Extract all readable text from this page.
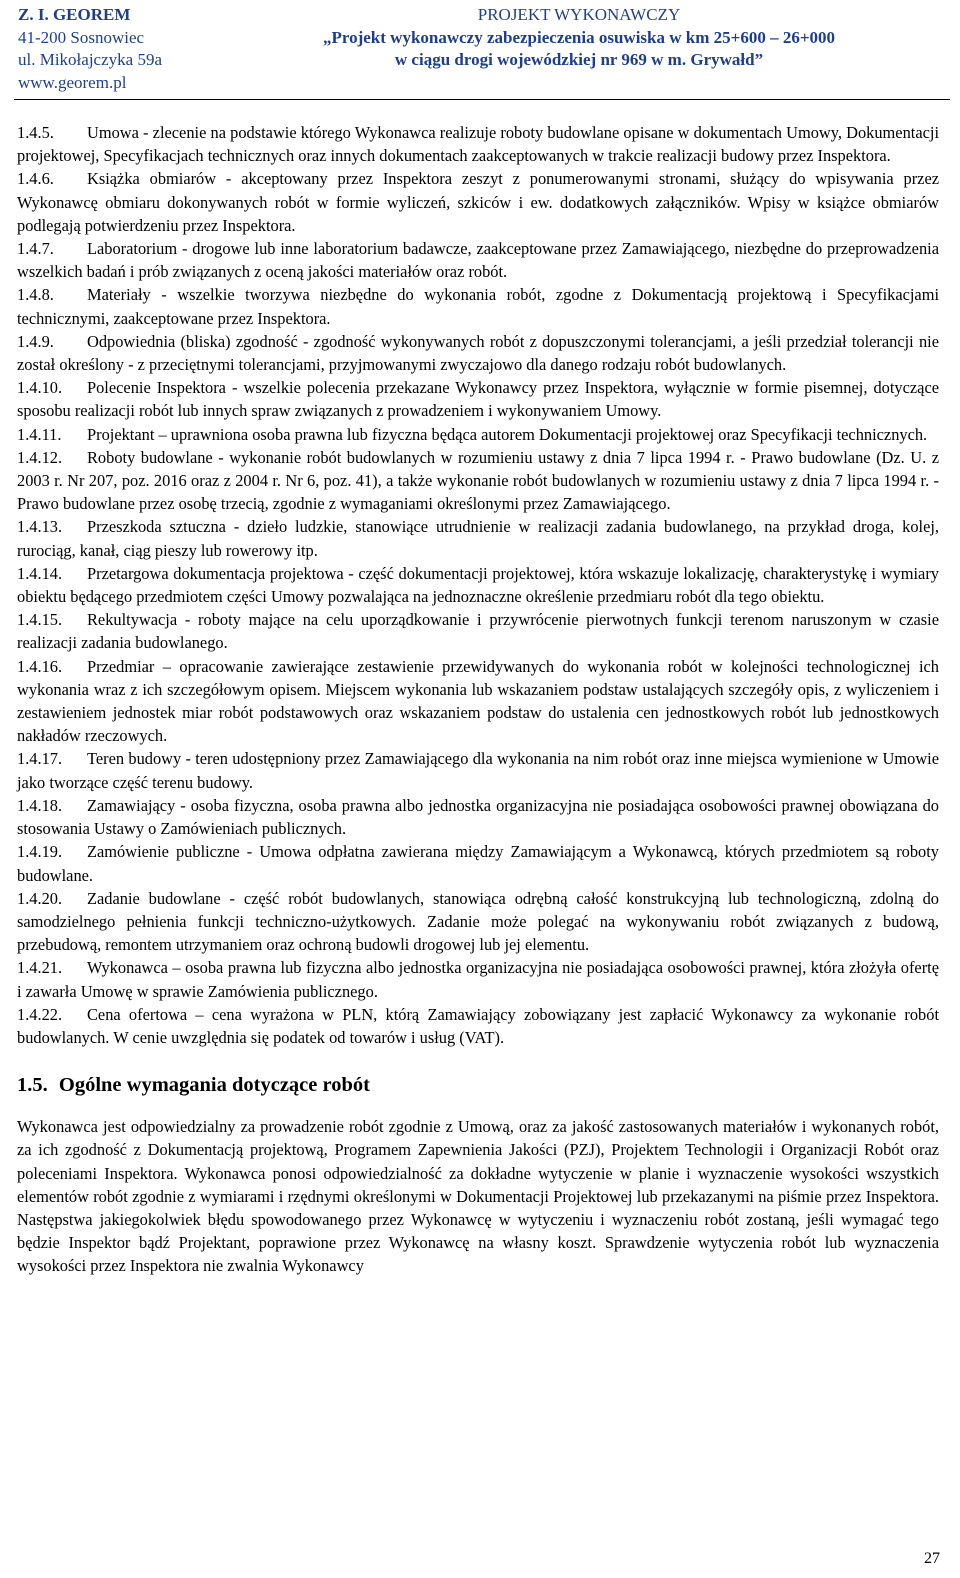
Z. I. GEOREM
41-200 Sosnowiec
ul. Mikołajczyka 59a
www.georem.pl
PROJEKT WYKONAWCZY
„Projekt wykonawczy zabezpieczenia osuwiska w km 25+600 – 26+000
w ciągu drogi wojewódzkiej nr 969 w m. Grywałd”

1.4.5. Umowa - zlecenie na podstawie którego Wykonawca realizuje roboty budowlane opisane w dokumentach Umowy, Dokumentacji projektowej, Specyfikacjach technicznych oraz innych dokumentach zaakceptowanych w trakcie realizacji budowy przez Inspektora.

1.4.6. Książka obmiarów - akceptowany przez Inspektora zeszyt z ponumerowanymi stronami, służący do wpisywania przez Wykonawcę obmiaru dokonywanych robót w formie wyliczeń, szkiców i ew. dodatkowych załączników. Wpisy w książce obmiarów podlegają potwierdzeniu przez Inspektora.

1.4.7. Laboratorium - drogowe lub inne laboratorium badawcze, zaakceptowane przez Zamawiającego, niezbędne do przeprowadzenia wszelkich badań i prób związanych z oceną jakości materiałów oraz robót.

1.4.8. Materiały - wszelkie tworzywa niezbędne do wykonania robót, zgodne z Dokumentacją projektową i Specyfikacjami technicznymi, zaakceptowane przez Inspektora.

1.4.9. Odpowiednia (bliska) zgodność - zgodność wykonywanych robót z dopuszczonymi tolerancjami, a jeśli przedział tolerancji nie został określony - z przeciętnymi tolerancjami, przyjmowanymi zwyczajowo dla danego rodzaju robót budowlanych.

1.4.10. Polecenie Inspektora - wszelkie polecenia przekazane Wykonawcy przez Inspektora, wyłącznie w formie pisemnej, dotyczące sposobu realizacji robót lub innych spraw związanych z prowadzeniem i wykonywaniem Umowy.

1.4.11. Projektant – uprawniona osoba prawna lub fizyczna będąca autorem Dokumentacji projektowej oraz Specyfikacji technicznych.

1.4.12. Roboty budowlane - wykonanie robót budowlanych w rozumieniu ustawy z dnia 7 lipca 1994 r. - Prawo budowlane (Dz. U. z 2003 r. Nr 207, poz. 2016 oraz z 2004 r. Nr 6, poz. 41), a także wykonanie robót budowlanych w rozumieniu ustawy z dnia 7 lipca 1994 r. - Prawo budowlane przez osobę trzecią, zgodnie z wymaganiami określonymi przez Zamawiającego.

1.4.13. Przeszkoda sztuczna - dzieło ludzkie, stanowiące utrudnienie w realizacji zadania budowlanego, na przykład droga, kolej, rurociąg, kanał, ciąg pieszy lub rowerowy itp.

1.4.14. Przetargowa dokumentacja projektowa - część dokumentacji projektowej, która wskazuje lokalizację, charakterystykę i wymiary obiektu będącego przedmiotem części Umowy pozwalająca na jednoznaczne określenie przedmiaru robót dla tego obiektu.

1.4.15. Rekultywacja - roboty mające na celu uporządkowanie i przywrócenie pierwotnych funkcji terenom naruszonym w czasie realizacji zadania budowlanego.

1.4.16. Przedmiar – opracowanie zawierające zestawienie przewidywanych do wykonania robót w kolejności technologicznej ich wykonania wraz z ich szczegółowym opisem. Miejscem wykonania lub wskazaniem podstaw ustalających szczegóły opis, z wyliczeniem i zestawieniem jednostek miar robót podstawowych oraz wskazaniem podstaw do ustalenia cen jednostkowych robót lub jednostkowych nakładów rzeczowych.

1.4.17. Teren budowy - teren udostępniony przez Zamawiającego dla wykonania na nim robót oraz inne miejsca wymienione w Umowie jako tworzące część terenu budowy.

1.4.18. Zamawiający - osoba fizyczna, osoba prawna albo jednostka organizacyjna nie posiadająca osobowości prawnej obowiązana do stosowania Ustawy o Zamówieniach publicznych.

1.4.19. Zamówienie publiczne - Umowa odpłatna zawierana między Zamawiającym a Wykonawcą, których przedmiotem są roboty budowlane.

1.4.20. Zadanie budowlane - część robót budowlanych, stanowiąca odrębną całość konstrukcyjną lub technologiczną, zdolną do samodzielnego pełnienia funkcji techniczno-użytkowych. Zadanie może polegać na wykonywaniu robót związanych z budową, przebudową, remontem utrzymaniem oraz ochroną budowli drogowej lub jej elementu.

1.4.21. Wykonawca – osoba prawna lub fizyczna albo jednostka organizacyjna nie posiadająca osobowości prawnej, która złożyła ofertę i zawarła Umowę w sprawie Zamówienia publicznego.

1.4.22. Cena ofertowa – cena wyrażona w PLN, którą Zamawiający zobowiązany jest zapłacić Wykonawcy za wykonanie robót budowlanych. W cenie uwzględnia się podatek od towarów i usług (VAT).

1.5. Ogólne wymagania dotyczące robót

Wykonawca jest odpowiedzialny za prowadzenie robót zgodnie z Umową, oraz za jakość zastosowanych materiałów i wykonanych robót, za ich zgodność z Dokumentacją projektową, Programem Zapewnienia Jakości (PZJ), Projektem Technologii i Organizacji Robót oraz poleceniami Inspektora. Wykonawca ponosi odpowiedzialność za dokładne wytyczenie w planie i wyznaczenie wysokości wszystkich elementów robót zgodnie z wymiarami i rzędnymi określonymi w Dokumentacji Projektowej lub przekazanymi na piśmie przez Inspektora. Następstwa jakiegokolwiek błędu spowodowanego przez Wykonawcę w wytyczeniu i wyznaczeniu robót zostaną, jeśli wymagać tego będzie Inspektor bądź Projektant, poprawione przez Wykonawcę na własny koszt. Sprawdzenie wytyczenia robót lub wyznaczenia wysokości przez Inspektora nie zwalnia Wykonawcy

27
